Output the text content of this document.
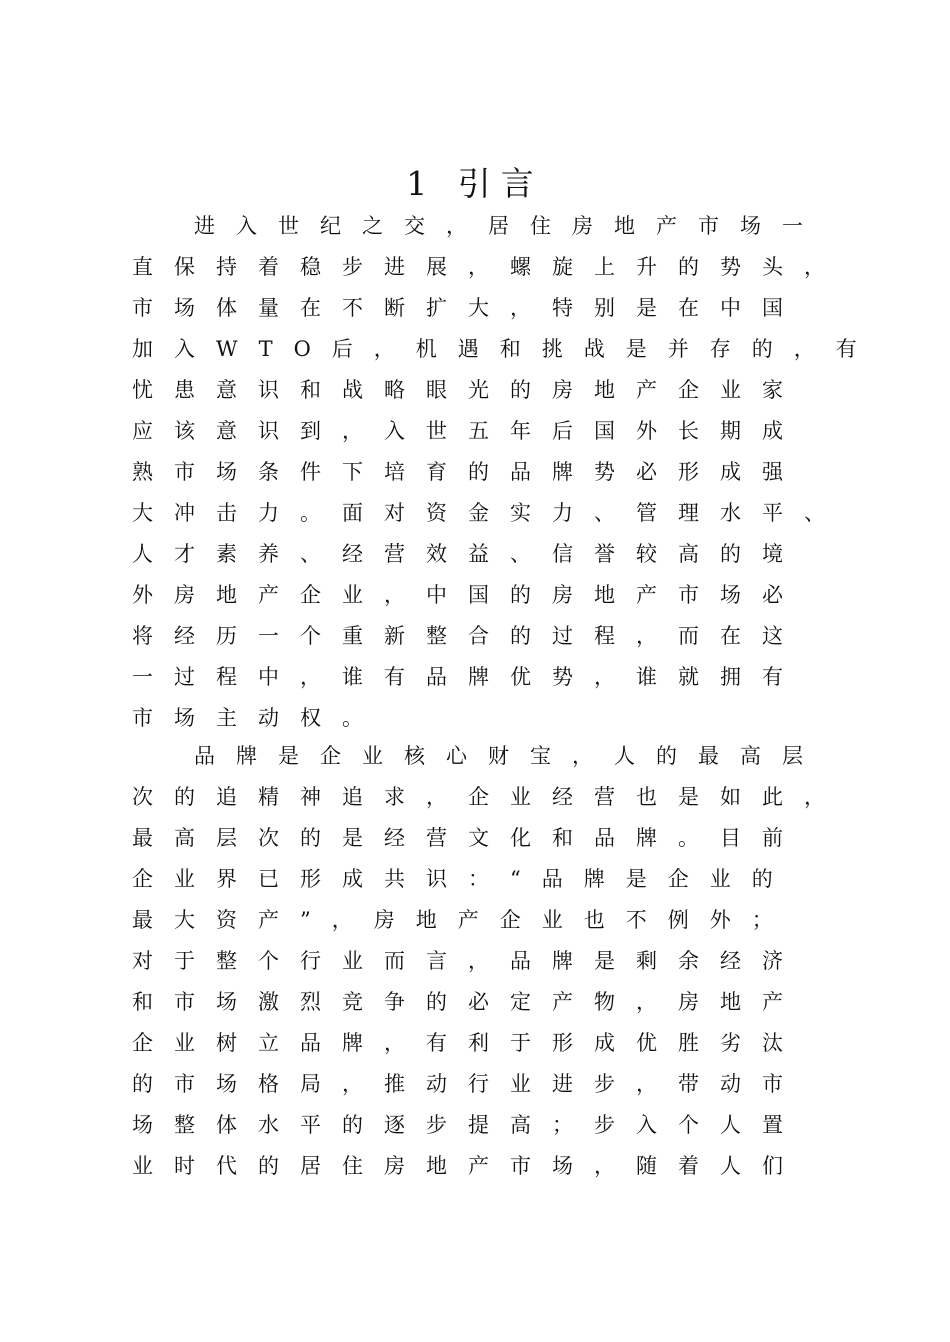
1 引言
进入世纪之交，居住房地产市场一
直保持着稳步进展，螺旋上升的势头，
市场体量在不断扩大，特别是在中国
加入WTO后，机遇和挑战是并存的，有
忧患意识和战略眼光的房地产企业家
应该意识到，入世五年后国外长期成
熟市场条件下培育的品牌势必形成强
大冲击力。面对资金实力、管理水平、
人才素养、经营效益、信誉较高的境
外房地产企业，中国的房地产市场必
将经历一个重新整合的过程，而在这
一过程中，谁有品牌优势，谁就拥有
市场主动权。
品牌是企业核心财宝，人的最高层
次的追精神追求，企业经营也是如此，
最高层次的是经营文化和品牌。目前
企业界已形成共识：“品牌是企业的
最大资产”，房地产企业也不例外；
对于整个行业而言，品牌是剩余经济
和市场激烈竞争的必定产物，房地产
企业树立品牌，有利于形成优胜劣汰
的市场格局，推动行业进步，带动市
场整体水平的逐步提高；步入个人置
业时代的居住房地产市场，随着人们
